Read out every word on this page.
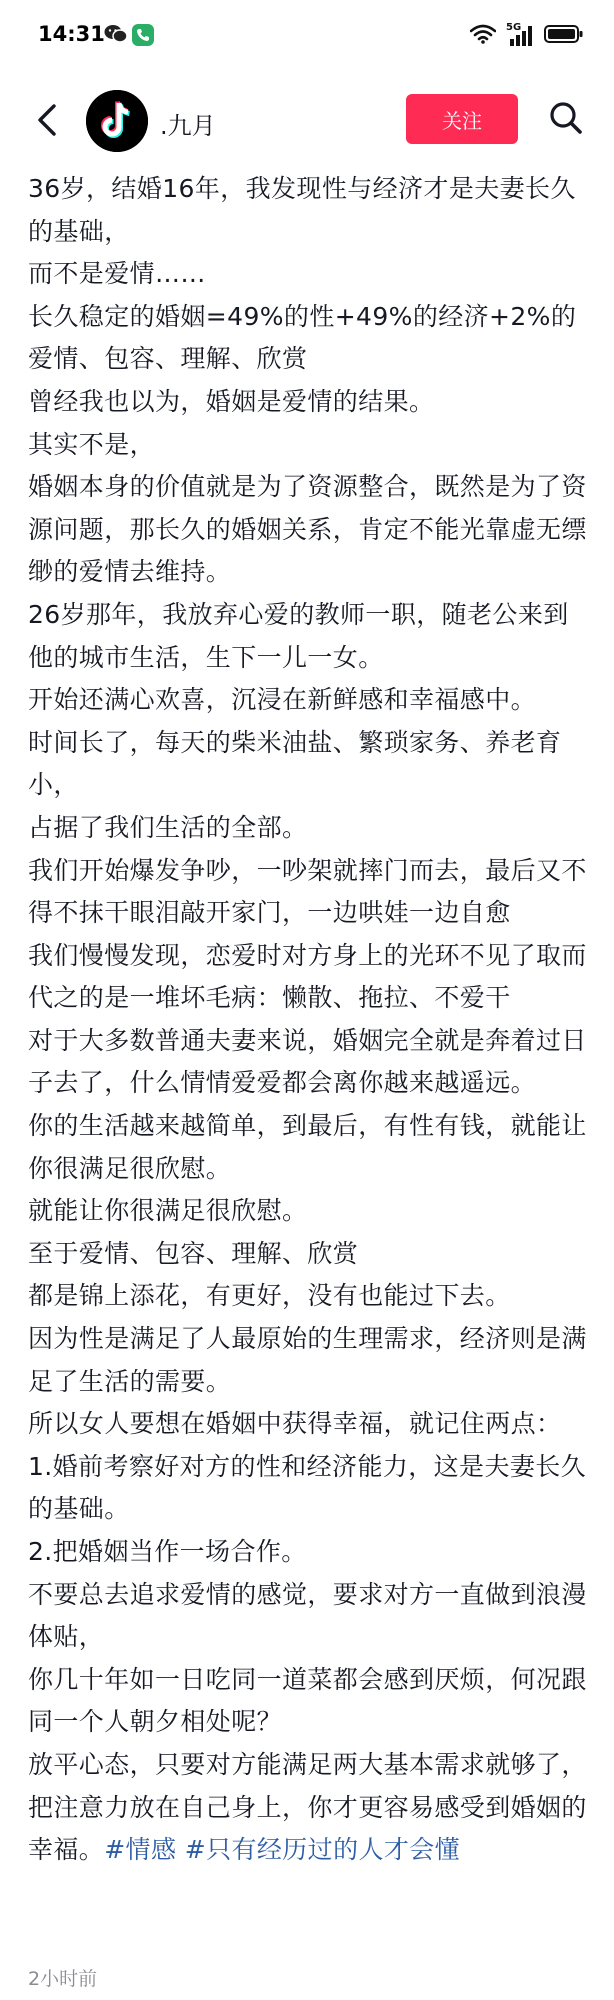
14:31	5G
.九月	关注

36岁，结婚16年，我发现性与经济才是夫妻长久的基础，

而不是爱情……

长久稳定的婚姻=49%的性+49%的经济+2%的爱情、包容、理解、欣赏

曾经我也以为，婚姻是爱情的结果。

其实不是，

婚姻本身的价值就是为了资源整合，既然是为了资源问题，那长久的婚姻关系，肯定不能光靠虚无缥缈的爱情去维持。

26岁那年，我放弃心爱的教师一职，随老公来到他的城市生活，生下一儿一女。

开始还满心欢喜，沉浸在新鲜感和幸福感中。

时间长了，每天的柴米油盐、繁琐家务、养老育小，

占据了我们生活的全部。

我们开始爆发争吵，一吵架就摔门而去，最后又不得不抹干眼泪敲开家门，一边哄娃一边自愈

我们慢慢发现，恋爱时对方身上的光环不见了取而代之的是一堆坏毛病：懒散、拖拉、不爱干

对于大多数普通夫妻来说，婚姻完全就是奔着过日子去了，什么情情爱爱都会离你越来越遥远。

你的生活越来越简单，到最后，有性有钱，就能让你很满足很欣慰。

就能让你很满足很欣慰。

至于爱情、包容、理解、欣赏

都是锦上添花，有更好，没有也能过下去。

因为性是满足了人最原始的生理需求，经济则是满足了生活的需要。

所以女人要想在婚姻中获得幸福，就记住两点：

1.婚前考察好对方的性和经济能力，这是夫妻长久的基础。

2.把婚姻当作一场合作。

不要总去追求爱情的感觉，要求对方一直做到浪漫体贴，

你几十年如一日吃同一道菜都会感到厌烦，何况跟同一个人朝夕相处呢？

放平心态，只要对方能满足两大基本需求就够了，

把注意力放在自己身上，你才更容易感受到婚姻的幸福。#情感 #只有经历过的人才会懂

2小时前
